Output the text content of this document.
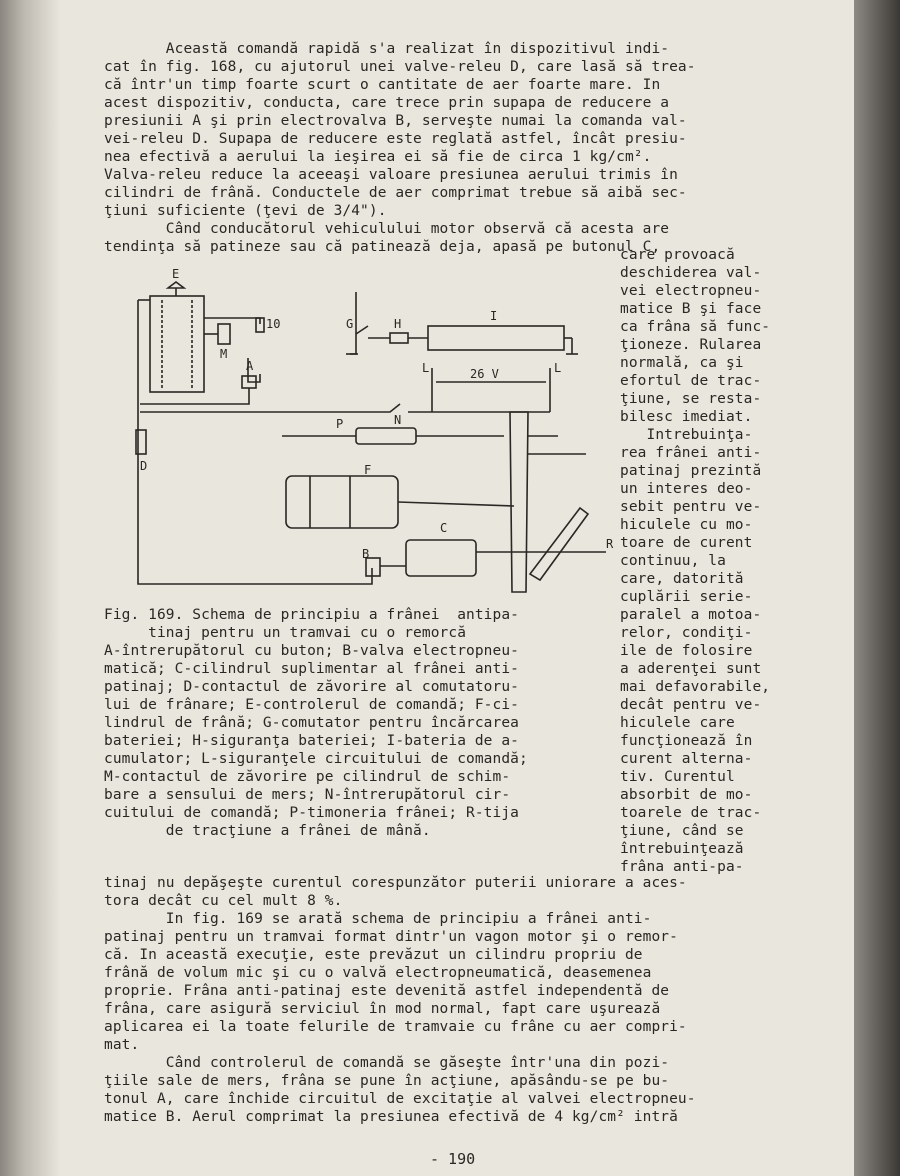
Această comandă rapidă s'a realizat în dispozitivul indi-
cat în fig. 168, cu ajutorul unei valve-releu D, care lasă să trea-
că într'un timp foarte scurt o cantitate de aer foarte mare. In
acest dispozitiv, conducta, care trece prin supapa de reducere a
presiunii A şi prin electrovalva B, serveşte numai la comanda val-
vei-releu D. Supapa de reducere este reglată astfel, încât presiu-
nea efectivă a aerului la ieşirea ei să fie de circa 1 kg/cm².
Valva-releu reduce la aceeaşi valoare presiunea aerului trimis în
cilindri de frână. Conductele de aer comprimat trebue să aibă sec-
ţiuni suficiente (ţevi de 3/4").
Când conducătorul vehiculului motor observă că acesta are
tendinţa să patineze sau că patinează deja, apasă pe butonul C,
E
M
A
D
G	H
I
L	L
N
P
F
C
B
R
26 V
10
care provoacă
deschiderea val-
vei electropneu-
matice B şi face
ca frâna să func-
ţioneze. Rularea
normală, ca şi
efortul de trac-
ţiune, se resta-
bilesc imediat.
Intrebuinţa-
rea frânei anti-
patinaj prezintă
un interes deo-
sebit pentru ve-
hiculele cu mo-
toare de curent
continuu, la
care, datorită
cuplării serie-
paralel a motoa-
relor, condiţi-
ile de folosire
a aderenţei sunt
mai defavorabile,
decât pentru ve-
hiculele care
funcţionează în
curent alterna-
tiv. Curentul
absorbit de mo-
toarele de trac-
ţiune, când se
întrebuinţează
frâna anti-pa-
Fig. 169. Schema de principiu a frânei  antipa-
tinaj pentru un tramvai cu o remorcă
A-întrerupătorul cu buton; B-valva electropneu-
matică; C-cilindrul suplimentar al frânei anti-
patinaj; D-contactul de zăvorire al comutatoru-
lui de frânare; E-controlerul de comandă; F-ci-
lindrul de frână; G-comutator pentru încărcarea
bateriei; H-siguranţa bateriei; I-bateria de a-
cumulator; L-siguranţele circuitului de comandă;
M-contactul de zăvorire pe cilindrul de schim-
bare a sensului de mers; N-întrerupătorul cir-
cuitului de comandă; P-timoneria frânei; R-tija
de tracţiune a frânei de mână.
tinaj nu depăşeşte curentul corespunzător puterii uniorare a aces-
tora decât cu cel mult 8 %.
In fig. 169 se arată schema de principiu a frânei anti-
patinaj pentru un tramvai format dintr'un vagon motor şi o remor-
că. In această execuţie, este prevăzut un cilindru propriu de
frână de volum mic şi cu o valvă electropneumatică, deasemenea
proprie. Frâna anti-patinaj este devenită astfel independentă de
frâna, care asigură serviciul în mod normal, fapt care uşurează
aplicarea ei la toate felurile de tramvaie cu frâne cu aer compri-
mat.
Când controlerul de comandă se găseşte într'una din pozi-
ţiile sale de mers, frâna se pune în acţiune, apăsându-se pe bu-
tonul A, care închide circuitul de excitaţie al valvei electropneu-
matice B. Aerul comprimat la presiunea efectivă de 4 kg/cm² intră
- 190
